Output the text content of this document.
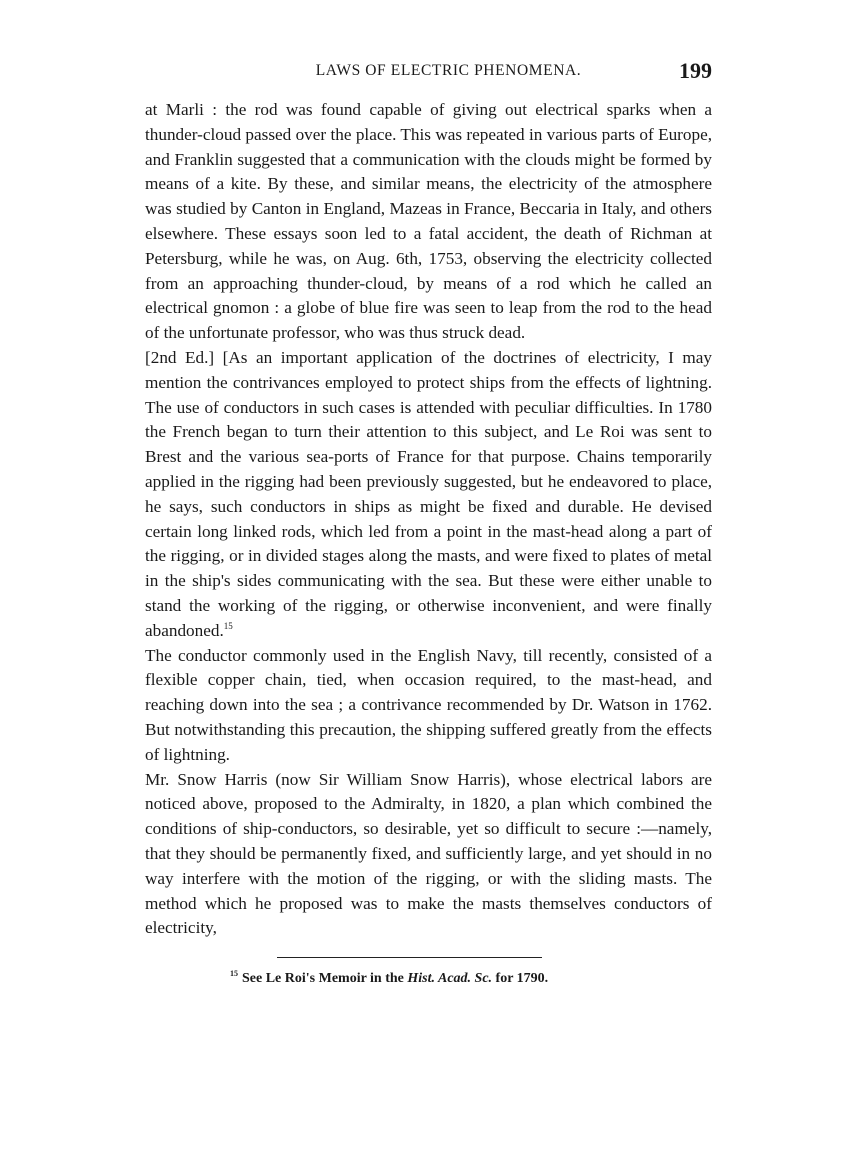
LAWS OF ELECTRIC PHENOMENA.	199

at Marli : the rod was found capable of giving out electrical sparks when a thunder-cloud passed over the place. This was repeated in various parts of Europe, and Franklin suggested that a communication with the clouds might be formed by means of a kite. By these, and similar means, the electricity of the atmosphere was studied by Canton in England, Mazeas in France, Beccaria in Italy, and others elsewhere. These essays soon led to a fatal accident, the death of Richman at Petersburg, while he was, on Aug. 6th, 1753, observing the electricity collected from an approaching thunder-cloud, by means of a rod which he called an electrical gnomon : a globe of blue fire was seen to leap from the rod to the head of the unfortunate professor, who was thus struck dead.

[2nd Ed.] [As an important application of the doctrines of electricity, I may mention the contrivances employed to protect ships from the effects of lightning. The use of conductors in such cases is attended with peculiar difficulties. In 1780 the French began to turn their attention to this subject, and Le Roi was sent to Brest and the various sea-ports of France for that purpose. Chains temporarily applied in the rigging had been previously suggested, but he endeavored to place, he says, such conductors in ships as might be fixed and durable. He devised certain long linked rods, which led from a point in the mast-head along a part of the rigging, or in divided stages along the masts, and were fixed to plates of metal in the ship's sides communicating with the sea. But these were either unable to stand the working of the rigging, or otherwise inconvenient, and were finally abandoned.$^{15}$

The conductor commonly used in the English Navy, till recently, consisted of a flexible copper chain, tied, when occasion required, to the mast-head, and reaching down into the sea ; a contrivance recommended by Dr. Watson in 1762. But notwithstanding this precaution, the shipping suffered greatly from the effects of lightning.

Mr. Snow Harris (now Sir William Snow Harris), whose electrical labors are noticed above, proposed to the Admiralty, in 1820, a plan which combined the conditions of ship-conductors, so desirable, yet so difficult to secure :—namely, that they should be permanently fixed, and sufficiently large, and yet should in no way interfere with the motion of the rigging, or with the sliding masts. The method which he proposed was to make the masts themselves conductors of electricity,

$^{15}$ See Le Roi's Memoir in the Hist. Acad. Sc. for 1790.
